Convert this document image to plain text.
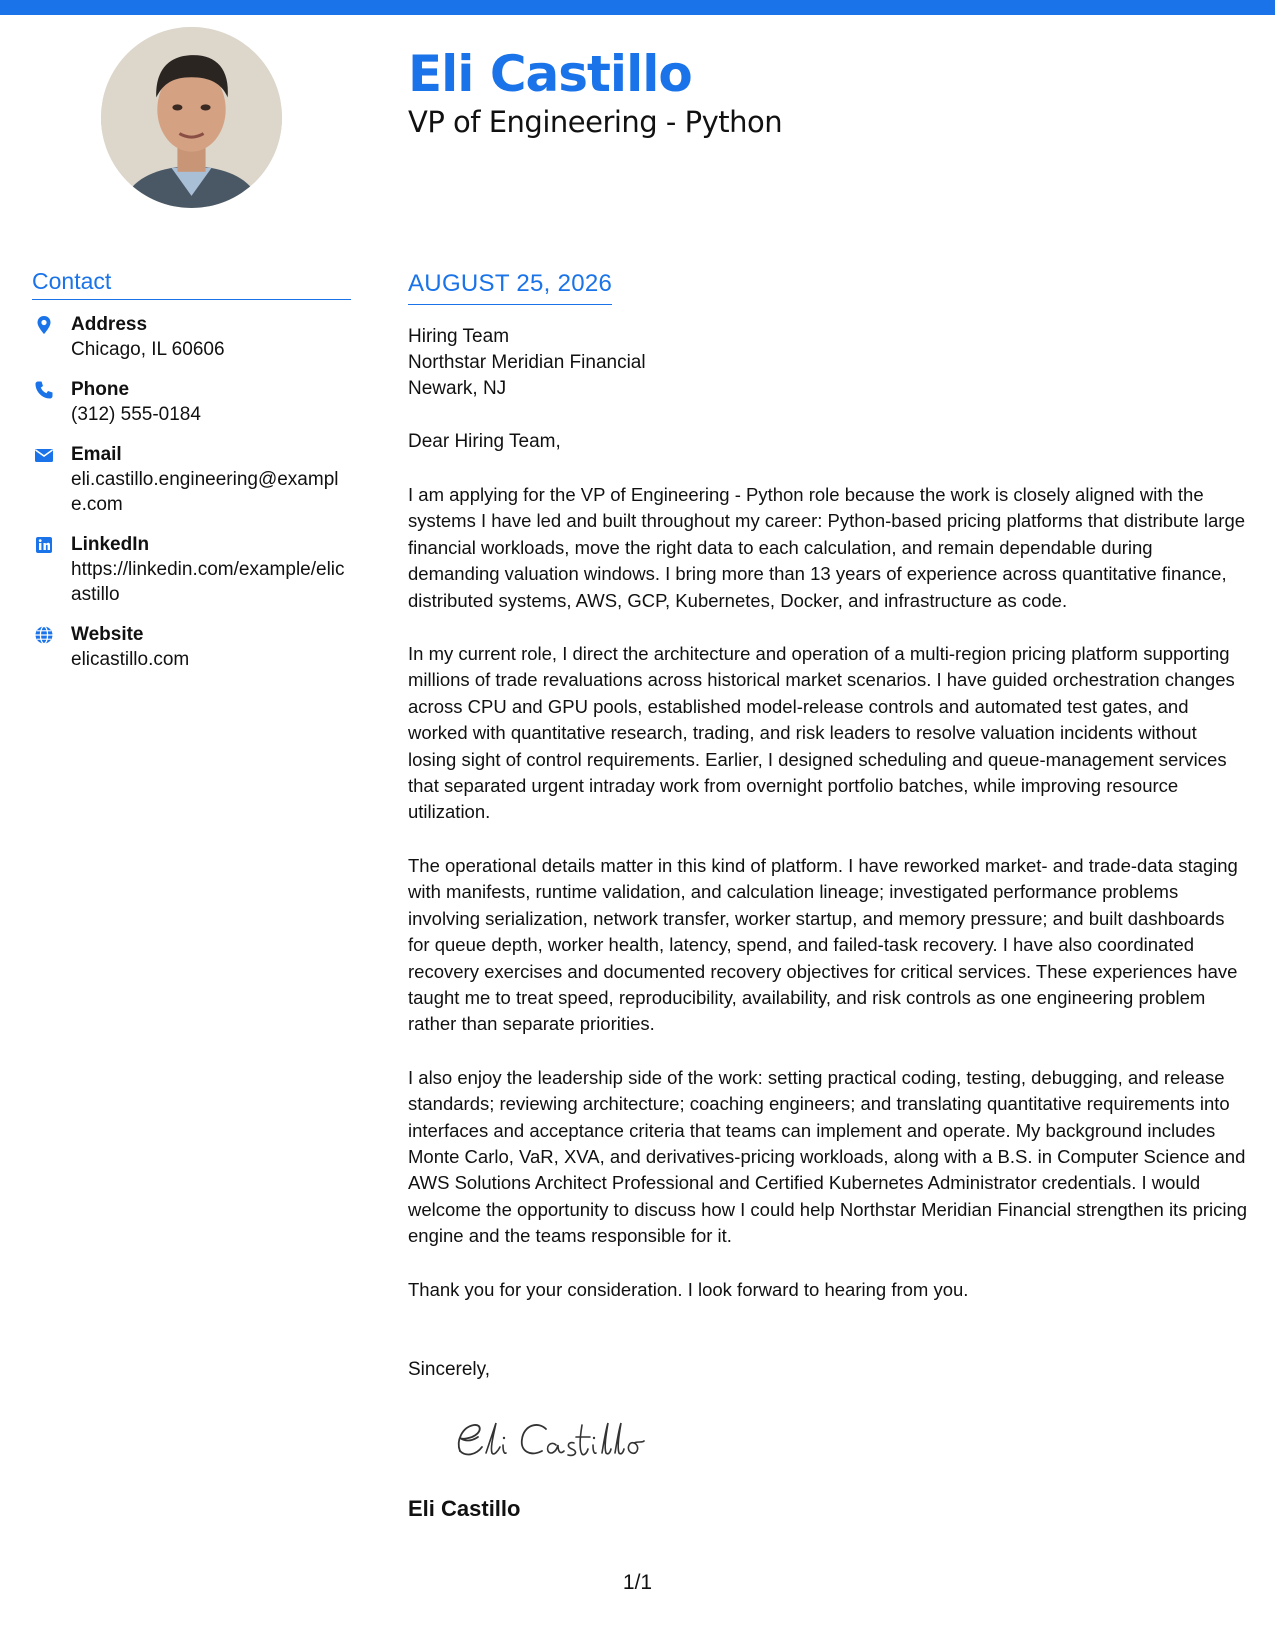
Eli Castillo
VP of Engineering - Python
Contact
Address
Chicago, IL 60606
Phone
(312) 555-0184
Email
eli.castillo.engineering@example.com
LinkedIn
https://linkedin.com/example/elicastillo
Website
elicastillo.com
AUGUST 25, 2026
Hiring Team
Northstar Meridian Financial
Newark, NJ
Dear Hiring Team,

I am applying for the VP of Engineering - Python role because the work is closely aligned with the systems I have led and built throughout my career: Python-based pricing platforms that distribute large financial workloads, move the right data to each calculation, and remain dependable during demanding valuation windows. I bring more than 13 years of experience across quantitative finance, distributed systems, AWS, GCP, Kubernetes, Docker, and infrastructure as code.

In my current role, I direct the architecture and operation of a multi-region pricing platform supporting millions of trade revaluations across historical market scenarios. I have guided orchestration changes across CPU and GPU pools, established model-release controls and automated test gates, and worked with quantitative research, trading, and risk leaders to resolve valuation incidents without losing sight of control requirements. Earlier, I designed scheduling and queue-management services that separated urgent intraday work from overnight portfolio batches, while improving resource utilization.

The operational details matter in this kind of platform. I have reworked market- and trade-data staging with manifests, runtime validation, and calculation lineage; investigated performance problems involving serialization, network transfer, worker startup, and memory pressure; and built dashboards for queue depth, worker health, latency, spend, and failed-task recovery. I have also coordinated recovery exercises and documented recovery objectives for critical services. These experiences have taught me to treat speed, reproducibility, availability, and risk controls as one engineering problem rather than separate priorities.

I also enjoy the leadership side of the work: setting practical coding, testing, debugging, and release standards; reviewing architecture; coaching engineers; and translating quantitative requirements into interfaces and acceptance criteria that teams can implement and operate. My background includes Monte Carlo, VaR, XVA, and derivatives-pricing workloads, along with a B.S. in Computer Science and AWS Solutions Architect Professional and Certified Kubernetes Administrator credentials. I would welcome the opportunity to discuss how I could help Northstar Meridian Financial strengthen its pricing engine and the teams responsible for it.

Thank you for your consideration. I look forward to hearing from you.

Sincerely,
Eli Castillo
1/1
